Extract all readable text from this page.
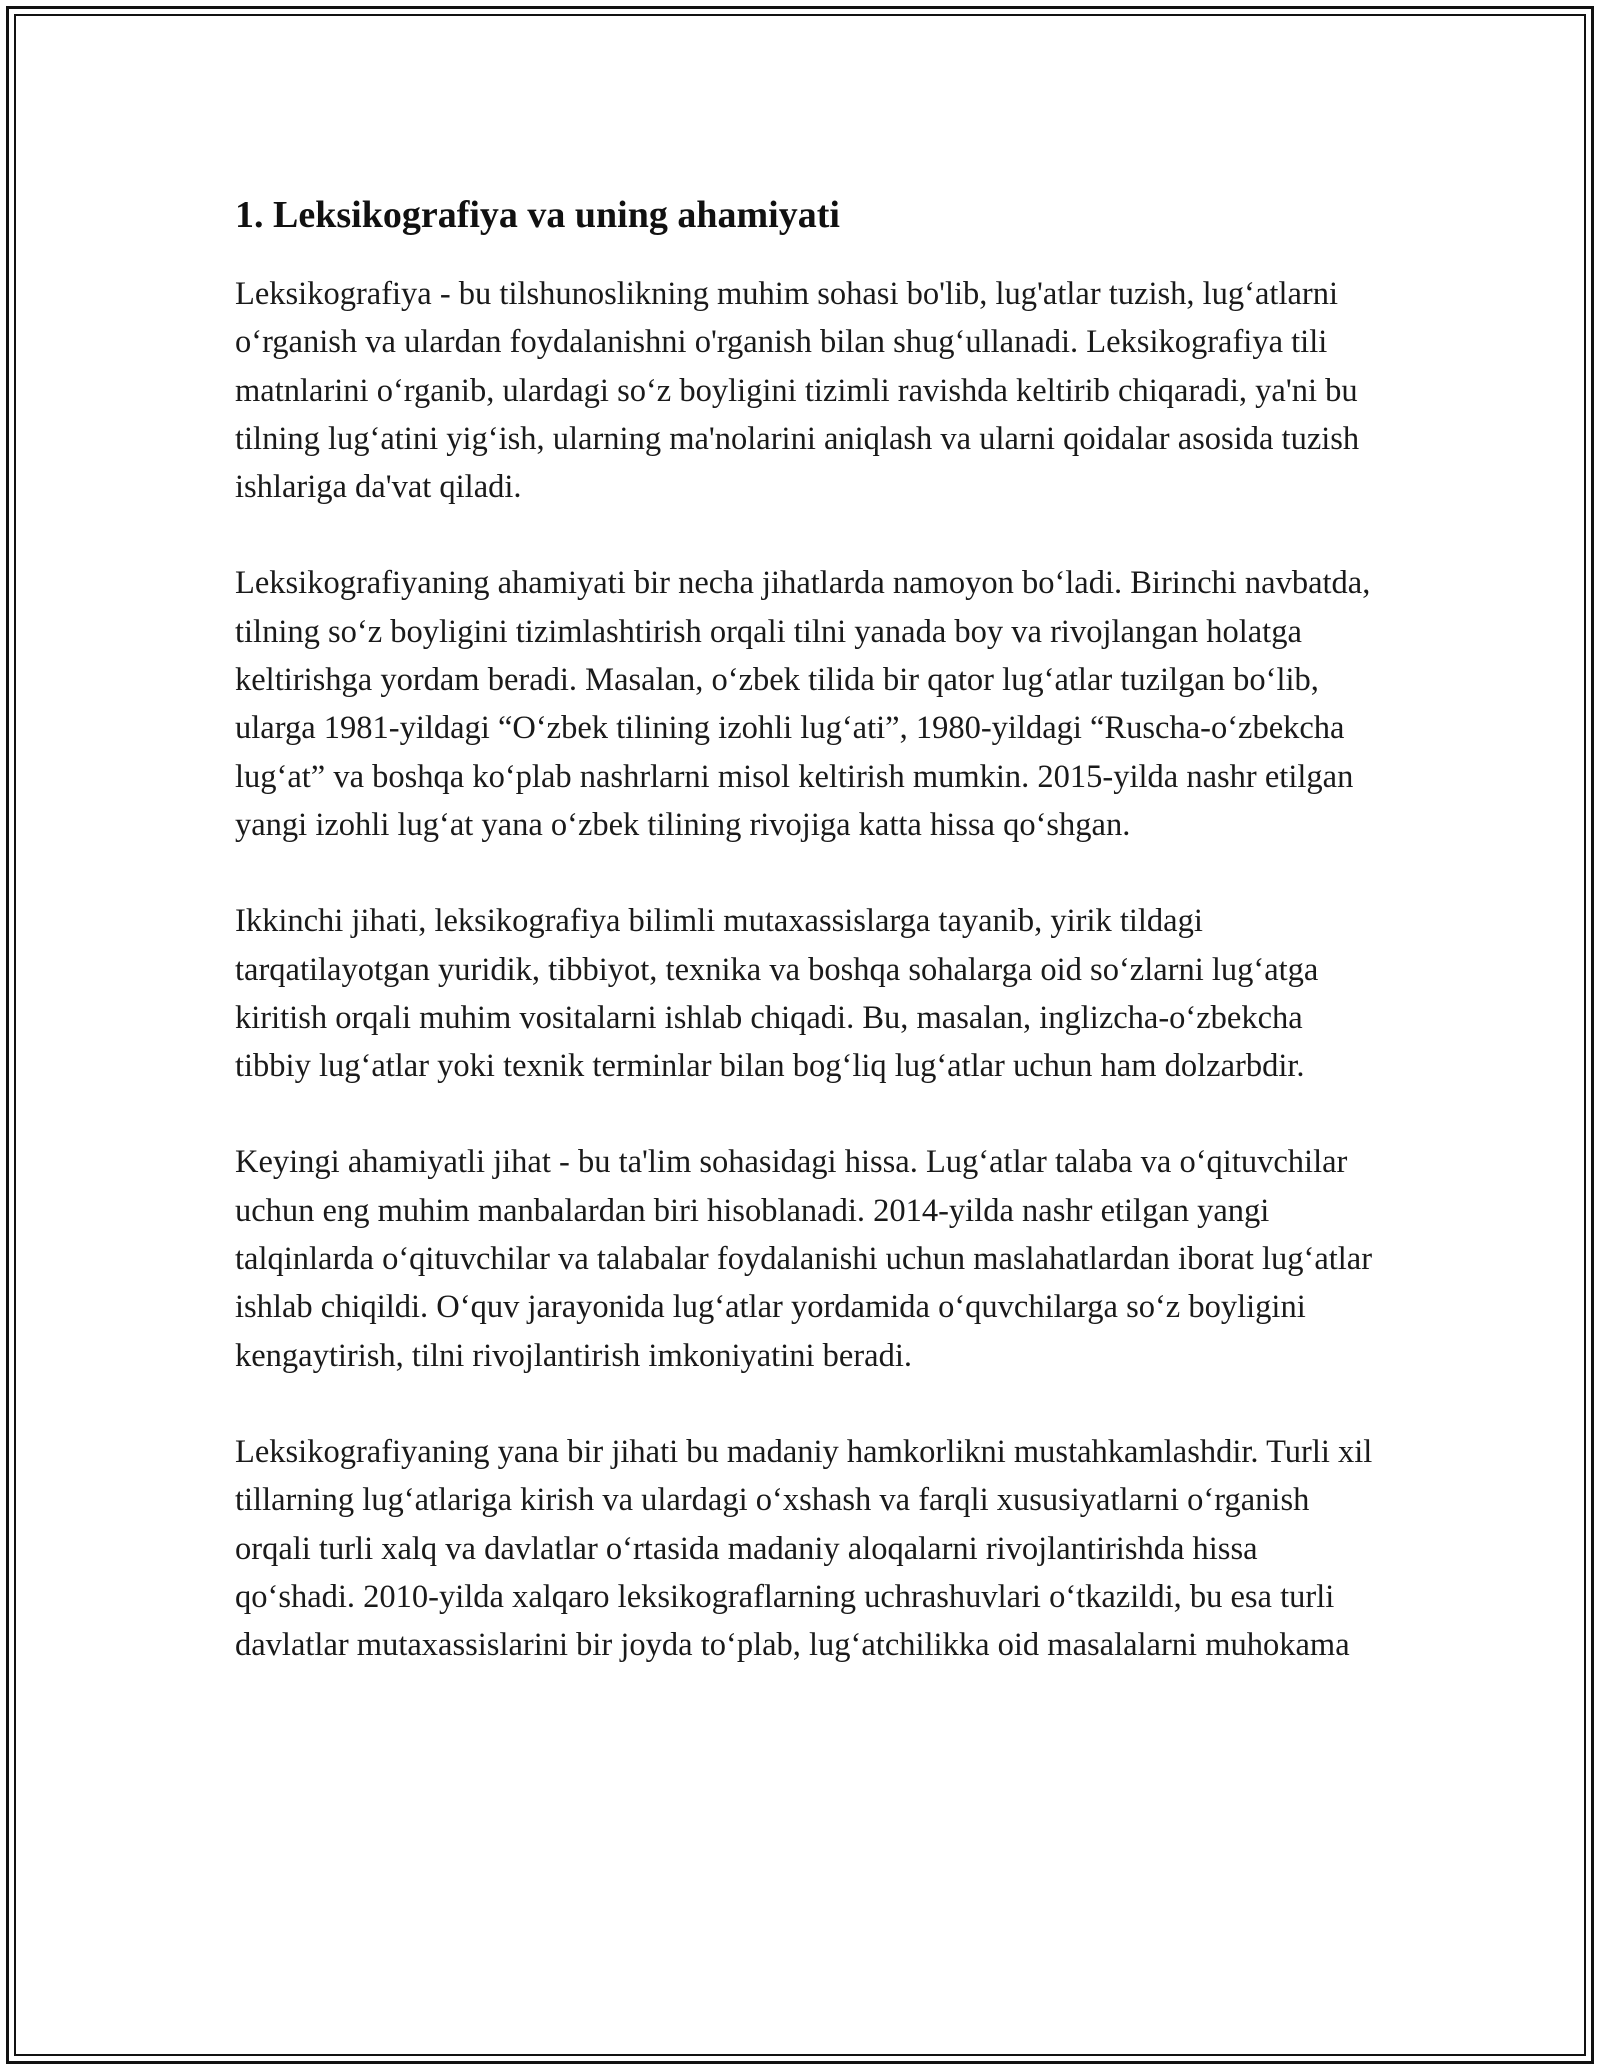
1. Leksikografiya va uning ahamiyati

Leksikografiya - bu tilshunoslikning muhim sohasi bo'lib, lug'atlar tuzish, lug‘atlarni o‘rganish va ulardan foydalanishni o'rganish bilan shug‘ullanadi. Leksikografiya tili matnlarini o‘rganib, ulardagi so‘z boyligini tizimli ravishda keltirib chiqaradi, ya'ni bu tilning lug‘atini yig‘ish, ularning ma'nolarini aniqlash va ularni qoidalar asosida tuzish ishlariga da'vat qiladi.

Leksikografiyaning ahamiyati bir necha jihatlarda namoyon bo‘ladi. Birinchi navbatda, tilning so‘z boyligini tizimlashtirish orqali tilni yanada boy va rivojlangan holatga keltirishga yordam beradi. Masalan, o‘zbek tilida bir qator lug‘atlar tuzilgan bo‘lib, ularga 1981-yildagi “O‘zbek tilining izohli lug‘ati”, 1980-yildagi “Ruscha-o‘zbekcha lug‘at” va boshqa ko‘plab nashrlarni misol keltirish mumkin. 2015-yilda nashr etilgan yangi izohli lug‘at yana o‘zbek tilining rivojiga katta hissa qo‘shgan.

Ikkinchi jihati, leksikografiya bilimli mutaxassislarga tayanib, yirik tildagi tarqatilayotgan yuridik, tibbiyot, texnika va boshqa sohalarga oid so‘zlarni lug‘atga kiritish orqali muhim vositalarni ishlab chiqadi. Bu, masalan, inglizcha-o‘zbekcha tibbiy lug‘atlar yoki texnik terminlar bilan bog‘liq lug‘atlar uchun ham dolzarbdir.

Keyingi ahamiyatli jihat - bu ta'lim sohasidagi hissa. Lug‘atlar talaba va o‘qituvchilar uchun eng muhim manbalardan biri hisoblanadi. 2014-yilda nashr etilgan yangi talqinlarda o‘qituvchilar va talabalar foydalanishi uchun maslahatlardan iborat lug‘atlar ishlab chiqildi. O‘quv jarayonida lug‘atlar yordamida o‘quvchilarga so‘z boyligini kengaytirish, tilni rivojlantirish imkoniyatini beradi.

Leksikografiyaning yana bir jihati bu madaniy hamkorlikni mustahkamlashdir. Turli xil tillarning lug‘atlariga kirish va ulardagi o‘xshash va farqli xususiyatlarni o‘rganish orqali turli xalq va davlatlar o‘rtasida madaniy aloqalarni rivojlantirishda hissa qo‘shadi. 2010-yilda xalqaro leksikograflarning uchrashuvlari o‘tkazildi, bu esa turli davlatlar mutaxassislarini bir joyda to‘plab, lug‘atchilikka oid masalalarni muhokama
